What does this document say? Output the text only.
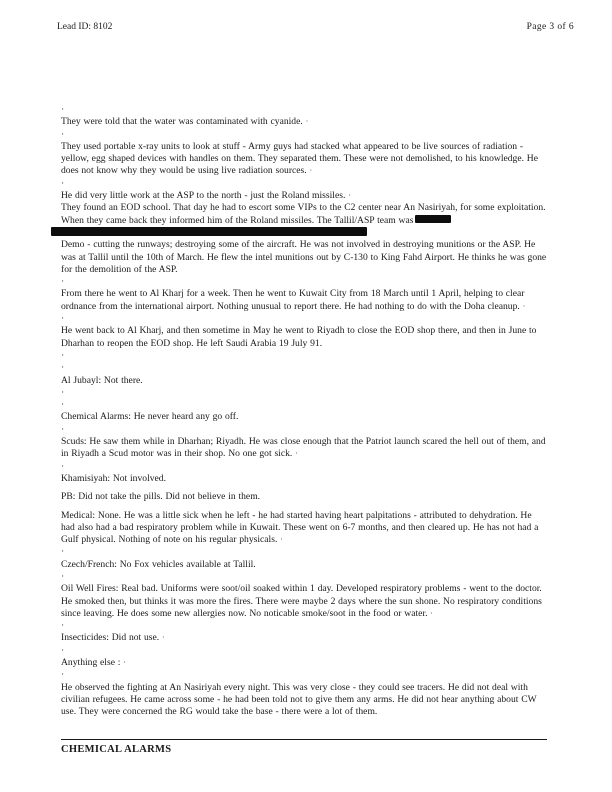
Lead ID: 8102	Page 3 of 6
·
They were told that the water was contaminated with cyanide. ·
·
They used portable x-ray units to look at stuff - Army guys had stacked what appeared to be live sources of radiation - yellow, egg shaped devices with handles on them. They separated them. These were not demolished, to his knowledge. He does not know why they would be using live radiation sources. ·
·
He did very little work at the ASP to the north - just the Roland missiles. ·
They found an EOD school. That day he had to escort some VIPs to the C2 center near An Nasiriyah, for some exploitation. When they came back they informed him of the Roland missiles. The Tallil/ASP team was
Demo - cutting the runways; destroying some of the aircraft. He was not involved in destroying munitions or the ASP. He was at Tallil until the 10th of March. He flew the intel munitions out by C-130 to King Fahd Airport. He thinks he was gone for the demolition of the ASP.
·
From there he went to Al Kharj for a week. Then he went to Kuwait City from 18 March until 1 April, helping to clear ordnance from the international airport. Nothing unusual to report there. He had nothing to do with the Doha cleanup. ·
·
He went back to Al Kharj, and then sometime in May he went to Riyadh to close the EOD shop there, and then in June to Dharhan to reopen the EOD shop. He left Saudi Arabia 19 July 91.
·
·
Al Jubayl: Not there.
·
·
Chemical Alarms: He never heard any go off.
·
Scuds: He saw them while in Dharhan; Riyadh. He was close enough that the Patriot launch scared the hell out of them, and in Riyadh a Scud motor was in their shop. No one got sick. ·
·
Khamisiyah: Not involved.
PB: Did not take the pills. Did not believe in them.
Medical: None. He was a little sick when he left - he had started having heart palpitations - attributed to dehydration. He had also had a bad respiratory problem while in Kuwait. These went on 6-7 months, and then cleared up. He has not had a Gulf physical. Nothing of note on his regular physicals. ·
·
Czech/French: No Fox vehicles available at Tallil.
·
Oil Well Fires: Real bad. Uniforms were soot/oil soaked within 1 day. Developed respiratory problems - went to the doctor. He smoked then, but thinks it was more the fires. There were maybe 2 days where the sun shone. No respiratory conditions since leaving. He does some new allergies now. No noticable smoke/soot in the food or water. ·
·
Insecticides: Did not use. ·
·
Anything else : ·
·
He observed the fighting at An Nasiriyah every night. This was very close - they could see tracers. He did not deal with civilian refugees. He came across some - he had been told not to give them any arms. He did not hear anything about CW use. They were concerned the RG would take the base - there were a lot of them.
CHEMICAL ALARMS
